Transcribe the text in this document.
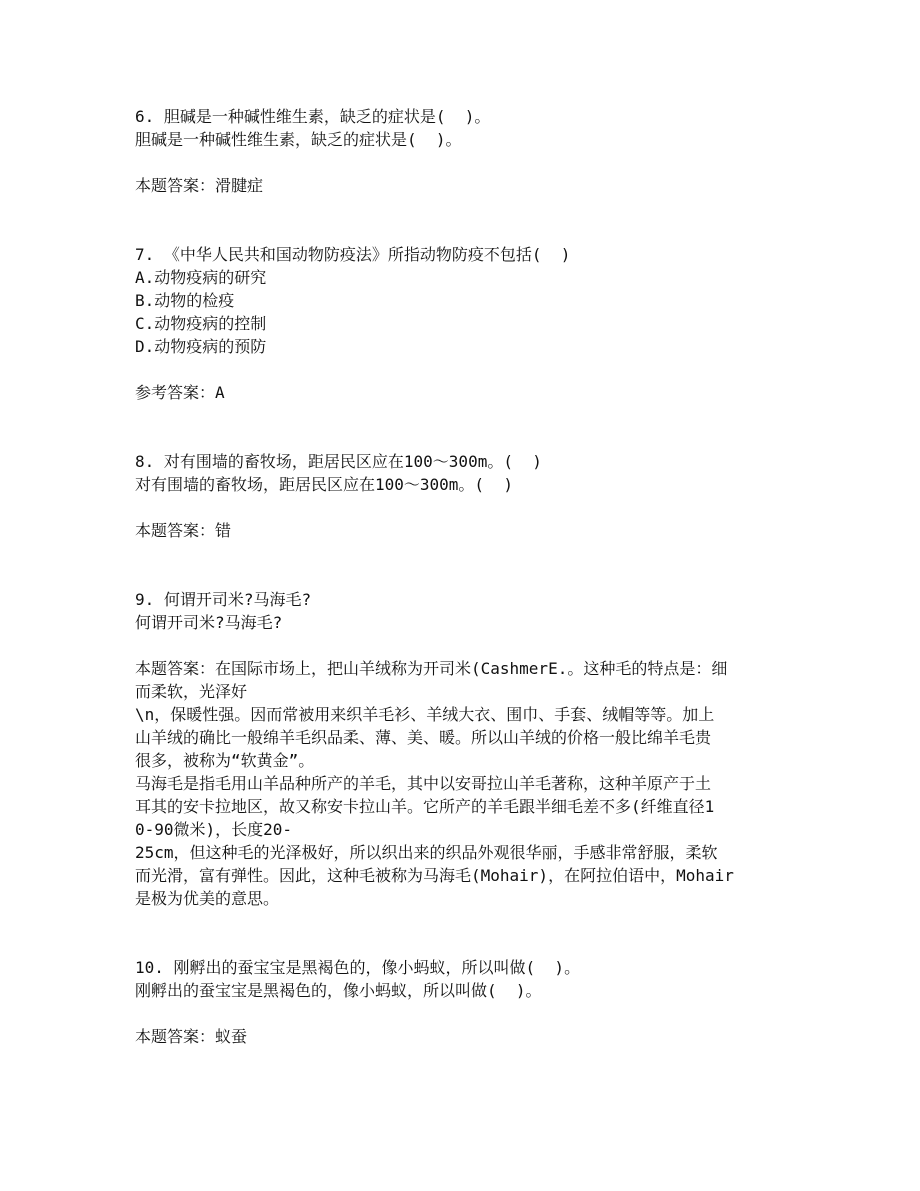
6. 胆碱是一种碱性维生素，缺乏的症状是(  )。
胆碱是一种碱性维生素，缺乏的症状是(  )。
本题答案：滑腱症
7. 《中华人民共和国动物防疫法》所指动物防疫不包括(  )
A.动物疫病的研究
B.动物的检疫
C.动物疫病的控制
D.动物疫病的预防
参考答案：A
8. 对有围墙的畜牧场，距居民区应在100～300m。(  )
对有围墙的畜牧场，距居民区应在100～300m。(  )
本题答案：错
9. 何谓开司米?马海毛?
何谓开司米?马海毛?
本题答案：在国际市场上，把山羊绒称为开司米(CashmerE.。这种毛的特点是：细
而柔软，光泽好
\n，保暖性强。因而常被用来织羊毛衫、羊绒大衣、围巾、手套、绒帽等等。加上
山羊绒的确比一般绵羊毛织品柔、薄、美、暖。所以山羊绒的价格一般比绵羊毛贵
很多，被称为“软黄金”。
马海毛是指毛用山羊品种所产的羊毛，其中以安哥拉山羊毛著称，这种羊原产于土
耳其的安卡拉地区，故又称安卡拉山羊。它所产的羊毛跟半细毛差不多(纤维直径1
0-90微米)，长度20-
25cm，但这种毛的光泽极好，所以织出来的织品外观很华丽，手感非常舒服，柔软
而光滑，富有弹性。因此，这种毛被称为马海毛(Mohair)，在阿拉伯语中，Mohair
是极为优美的意思。
10. 刚孵出的蚕宝宝是黑褐色的，像小蚂蚁，所以叫做(  )。
刚孵出的蚕宝宝是黑褐色的，像小蚂蚁，所以叫做(  )。
本题答案：蚁蚕
